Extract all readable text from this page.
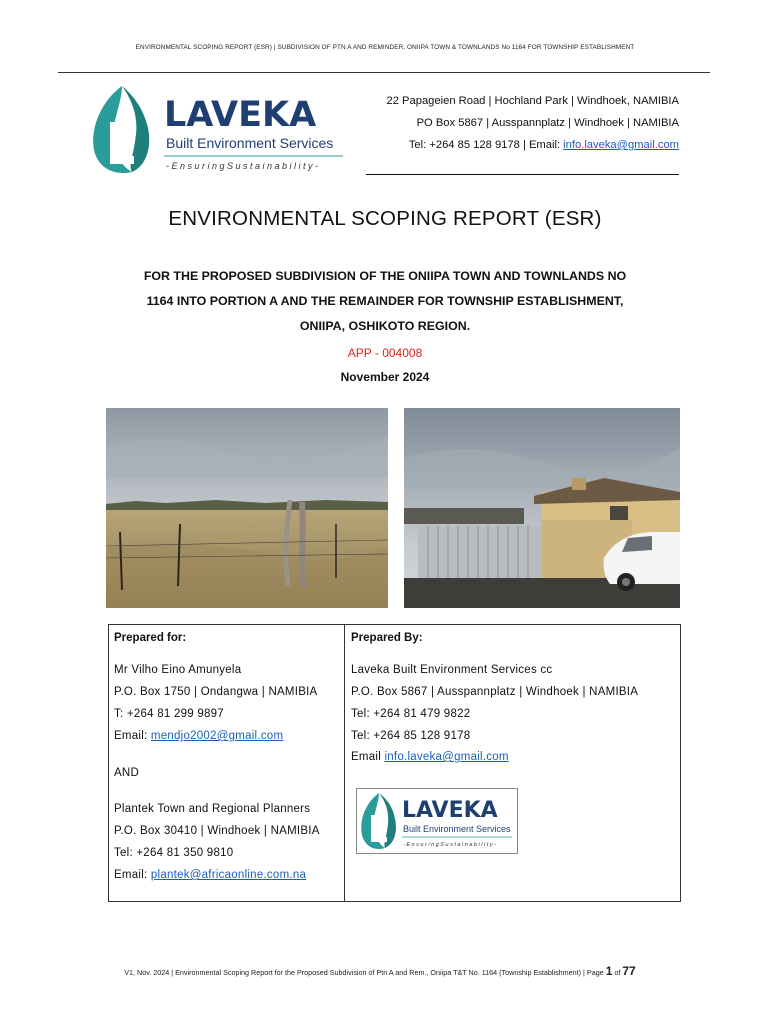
ENVIRONMENTAL SCOPING REPORT (ESR) | SUBDIVISION OF PTN A AND REMINDER, ONIIPA TOWN & TOWNLANDS No 1164 FOR TOWNSHIP ESTABLISHMENT
LAVEKA
Built Environment Services
- E n s u r i n g S u s t a i n a b i l i t y -
22 Papageien Road | Hochland Park | Windhoek, NAMIBIA
PO Box 5867 | Ausspannplatz | Windhoek | NAMIBIA
Tel: +264 85 128 9178 | Email: info.laveka@gmail.com
ENVIRONMENTAL SCOPING REPORT (ESR)
FOR THE PROPOSED SUBDIVISION OF THE ONIIPA TOWN AND TOWNLANDS NO
1164 INTO PORTION A AND THE REMAINDER FOR TOWNSHIP ESTABLISHMENT,
ONIIPA, OSHIKOTO REGION.
APP - 004008
November 2024
Prepared for:
Mr Vilho Eino Amunyela
P.O. Box 1750 | Ondangwa | NAMIBIA
T: +264 81 299 9897
Email: mendjo2002@gmail.com
AND
Plantek Town and Regional Planners
P.O. Box 30410 | Windhoek | NAMIBIA
Tel: +264 81 350 9810
Email: plantek@africaonline.com.na
Prepared By:
Laveka Built Environment Services cc
P.O. Box 5867 | Ausspannplatz | Windhoek | NAMIBIA
Tel: +264 81 479 9822
Tel: +264 85 128 9178
Email info.laveka@gmail.com
LAVEKA
Built Environment Services
- E n s u r i n g S u s t a i n a b i l i t y -
V1, Nov. 2024 | Environmental Scoping Report for the Proposed Subdivision of Ptn A and Rem., Oniipa T&T No. 1164 (Township Establishment) | Page 1 of 77
